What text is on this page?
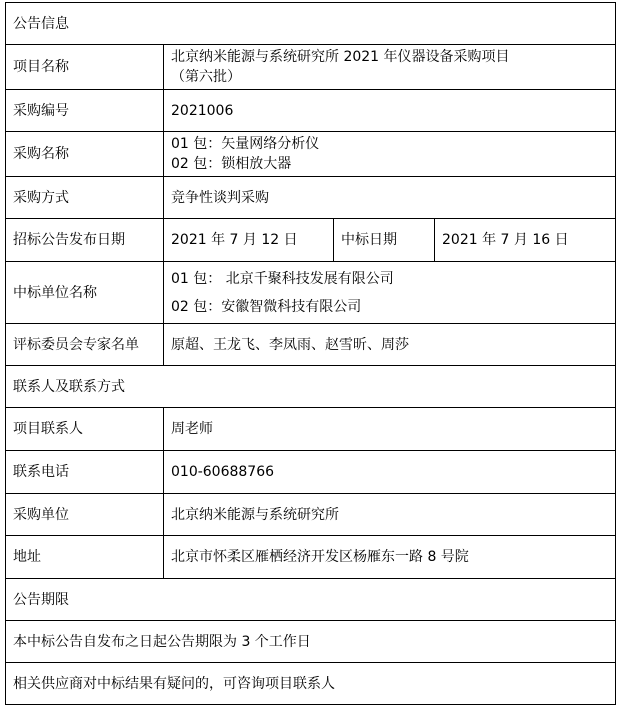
公告信息			
项目名称	北京纳米能源与系统研究所 2021 年仪器设备采购项目
（第六批）		

采购编号	2021006		
采购名称	01 包：矢量网络分析仪
02 包：锁相放大器		

采购方式	竞争性谈判采购		
招标公告发布日期	2021 年 7 月 12 日	中标日期	2021 年 7 月 16 日
中标单位名称	01 包： 北京千聚科技发展有限公司
02 包：安徽智微科技有限公司		

评标委员会专家名单	原超、王龙飞、李凤雨、赵雪昕、周莎		
联系人及联系方式			
项目联系人	周老师		
联系电话	010-60688766		
采购单位	北京纳米能源与系统研究所		
地址	北京市怀柔区雁栖经济开发区杨雁东一路 8 号院		
公告期限			
本中标公告自发布之日起公告期限为 3 个工作日			
相关供应商对中标结果有疑问的，可咨询项目联系人			
